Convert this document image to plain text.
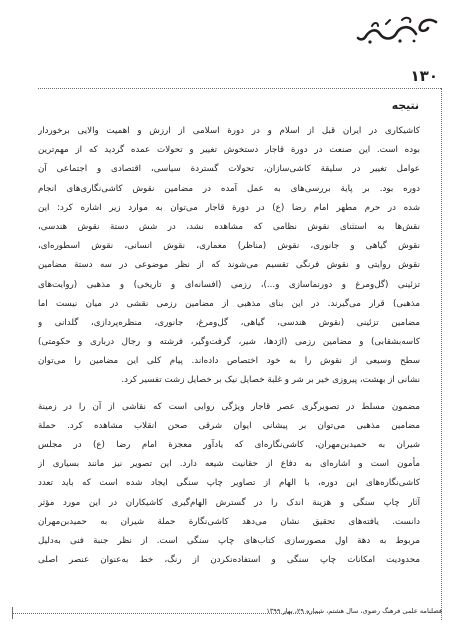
۱۳۰
نتیجه
کاشیکاری در ایران قبل از اسلام و در دورة اسلامی از ارزش و اهمیت والایی برخوردار
بوده است. این صنعت در دورة قاجار دستخوش تغییر و تحولات عمده گردید که از مهم‌ترین
عوامل تغییر در سلیقة کاشی‌سازان، تحولات گستردة سیاسی، اقتصادی و اجتماعی آن
دوره بود. بر پایة بررسی‌های به عمل آمده در مضامین نقوش کاشی‌نگاری‌های انجام
شده در حرم مطهر امام رضا (ع) در دورة قاجار می‌توان به موارد زیر اشاره کرد: این
نقش‌ها به استثنای نقوش نظامی که مشاهده نشد، در شش دستة نقوش هندسی،
نقوش گیاهی و جانوری، نقوش (مناظر) معماری، نقوش انسانی، نقوش اسطوره‌ای،
نقوش روایتی و نقوش فرنگی تقسیم می‌شوند که از نظر موضوعی در سه دستة مضامین
تزئینی (گل‌ومرغ و دورنماسازی و...)، رزمی (افسانه‌ای و تاریخی) و مذهبی (روایت‌های
مذهبی) قرار می‌گیرند. در این بنای مذهبی از مضامین رزمی نقشی در میان نیست اما
مضامین تزئینی (نقوش هندسی، گیاهی، گل‌ومرغ، جانوری، منظره‌پردازی، گلدانی و
کاسه‌بشقابی) و مضامین رزمی (اژدها، شیر، گرفت‌وگیر، فرشته و رجال درباری و حکومتی)
سطح وسیعی از نقوش را به خود اختصاص داده‌اند. پیام کلی این مضامین را می‌توان
نشانی از بهشت، پیروزی خیر بر شر و غلبة خصایل نیک بر خصایل زشت تفسیر کرد.
مضمون مسلط در تصویرگری عصر قاجار ویژگی روایی است که نقاشی از آن را در زمینة
مضامین مذهبی می‌توان بر پیشانی ایوان شرقی صحن انقلاب مشاهده کرد. حملة
شیران به حمیدبن‌مهران، کاشی‌نگاره‌ای که یادآور معجزة امام رضا (ع) در مجلس
مأمون است و اشاره‌ای به دفاع از حقانیت شیعه دارد. این تصویر نیز مانند بسیاری از
کاشی‌نگاره‌های این دوره، با الهام از تصاویر چاپ سنگی ایجاد شده است که باید تعدد
آثار چاپ سنگی و هزینة اندک را در گسترش الهام‌گیری کاشیکاران در این مورد مؤثر
دانست. یافته‌های تحقیق نشان می‌دهد کاشی‌نگارة حملة شیران به حمیدبن‌مهران
مربوط به دهة اول مصورسازی کتاب‌های چاپ سنگی است. از نظر جنبة فنی به‌دلیل
محدودیت امکانات چاپ سنگی و استفاده‌نکردن از رنگ، خط به‌عنوان عنصر اصلی
فصلنامه علمی فرهنگ رضوی، سال هشتم، شماره ۲۹، بهار ۱۳۹۹
